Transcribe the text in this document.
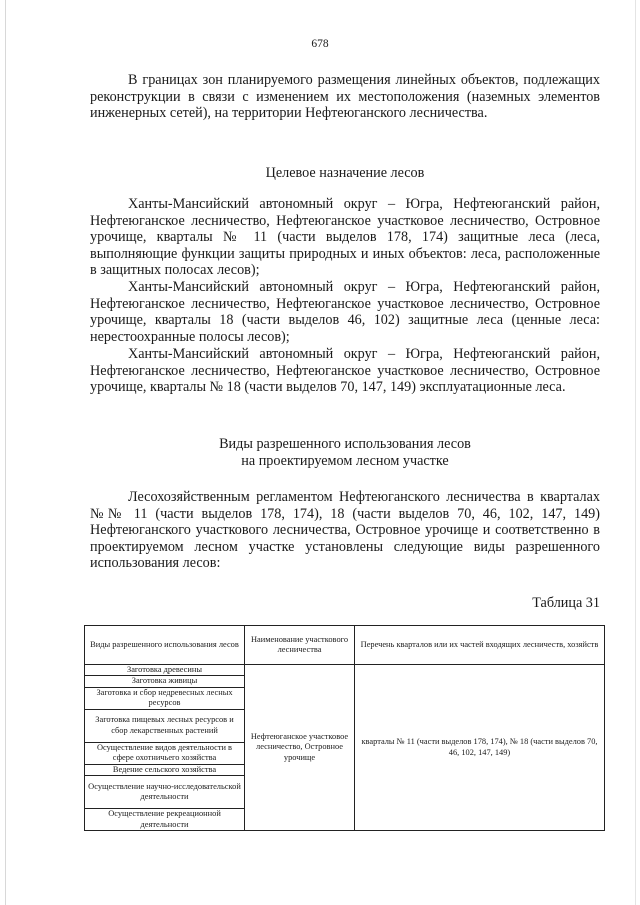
678
В границах зон планируемого размещения линейных объектов, подлежащих реконструкции в связи с изменением их местоположения (наземных элементов инженерных сетей), на территории Нефтеюганского лесничества.
Целевое назначение лесов
Ханты-Мансийский автономный округ – Югра, Нефтеюганский район, Нефтеюганское лесничество, Нефтеюганское участковое лесничество, Островное урочище, кварталы № 11 (части выделов 178, 174) защитные леса (леса, выполняющие функции защиты природных и иных объектов: леса, расположенные в защитных полосах лесов);
Ханты-Мансийский автономный округ – Югра, Нефтеюганский район, Нефтеюганское лесничество, Нефтеюганское участковое лесничество, Островное урочище, кварталы 18 (части выделов 46, 102) защитные леса (ценные леса: нерестоохранные полосы лесов);
Ханты-Мансийский автономный округ – Югра, Нефтеюганский район, Нефтеюганское лесничество, Нефтеюганское участковое лесничество, Островное урочище, кварталы № 18 (части выделов 70, 147, 149) эксплуатационные леса.
Виды разрешенного использования лесов
на проектируемом лесном участке
Лесохозяйственным регламентом Нефтеюганского лесничества в кварталах №№ 11 (части выделов 178, 174), 18 (части выделов 70, 46, 102, 147, 149) Нефтеюганского участкового лесничества, Островное урочище и соответственно в проектируемом лесном участке установлены следующие виды разрешенного использования лесов:
Таблица 31
Виды разрешенного использования лесов	Наименование участкового лесничества	Перечень кварталов или их частей входящих лесничеств, хозяйств
Заготовка древесины	Нефтеюганское участковое лесничество, Островное урочище	кварталы № 11 (части выделов 178, 174), № 18 (части выделов 70, 46, 102, 147, 149)
Заготовка живицы		
Заготовка и сбор недревесных лесных ресурсов		
Заготовка пищевых лесных ресурсов и сбор лекарственных растений		
Осуществление видов деятельности в сфере охотничьего хозяйства		
Ведение сельского хозяйства		
Осуществление научно-исследовательской деятельности		
Осуществление рекреационной деятельности		
